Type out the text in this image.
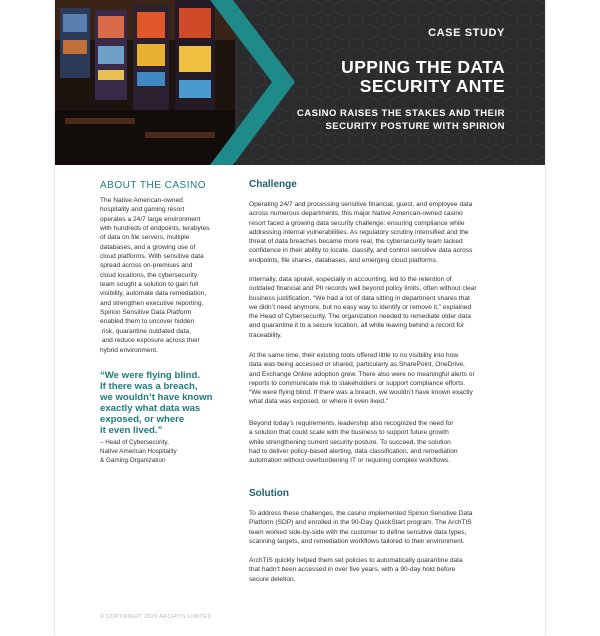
CASE STUDY
UPPING THE DATA
SECURITY ANTE
CASINO RAISES THE STAKES AND THEIR
SECURITY POSTURE WITH SPIRION
ABOUT THE CASINO
The Native American-owned
hospitality and gaming resort
operates a 24/7 large environment
with hundreds of endpoints, terabytes
of data on file servers, multiple
databases, and a growing use of
cloud platforms. With sensitive data
spread across on-premises and
cloud locations, the cybersecurity
team sought a solution to gain full
visibility, automate data remediation,
and strengthen executive reporting.
Spirion Sensitive Data Platform
enabled them to uncover hidden
risk, quarantine outdated data,
and reduce exposure across their
hybrid environment.
“We were flying blind.
If there was a breach,
we wouldn’t have known
exactly what data was
exposed, or where
it even lived.”
– Head of Cybersecurity,
Native American Hospitality
& Gaming Organization
Challenge
Operating 24/7 and processing sensitive financial, guest, and employee data
across numerous departments, this major Native American-owned casino
resort faced a growing data security challenge: ensuring compliance while
addressing internal vulnerabilities. As regulatory scrutiny intensified and the
threat of data breaches became more real, the cybersecurity team lacked
confidence in their ability to locate, classify, and control sensitive data across
endpoints, file shares, databases, and emerging cloud platforms.
Internally, data sprawl, especially in accounting, led to the retention of
outdated financial and PII records well beyond policy limits, often without clear
business justification. “We had a lot of data sitting in department shares that
we didn’t need anymore, but no easy way to identify or remove it,” explained
the Head of Cybersecurity. The organization needed to remediate older data
and quarantine it to a secure location, all while leaving behind a record for
traceability.
At the same time, their existing tools offered little to no visibility into how
data was being accessed or shared, particularly as SharePoint, OneDrive,
and Exchange Online adoption grew. There also were no meaningful alerts or
reports to communicate risk to stakeholders or support compliance efforts.
“We were flying blind. If there was a breach, we wouldn’t have known exactly
what data was exposed, or where it even lived.”
Beyond today’s requirements, leadership also recognized the need for
a solution that could scale with the business to support future growth
while strengthening current security posture. To succeed, the solution
had to deliver policy-based alerting, data classification, and remediation
automation without overburdening IT or requiring complex workflows.
Solution
To address these challenges, the casino implemented Spirion Sensitive Data
Platform (SDP) and enrolled in the 90-Day QuickStart program. The ArchTIS
team worked side-by-side with the customer to define sensitive data types,
scanning targets, and remediation workflows tailored to their environment.
ArchTIS quickly helped them set policies to automatically quarantine data
that hadn’t been accessed in over five years, with a 90-day hold before
secure deletion.
© COPYRIGHT 2026 ARCHTIS LIMITED
